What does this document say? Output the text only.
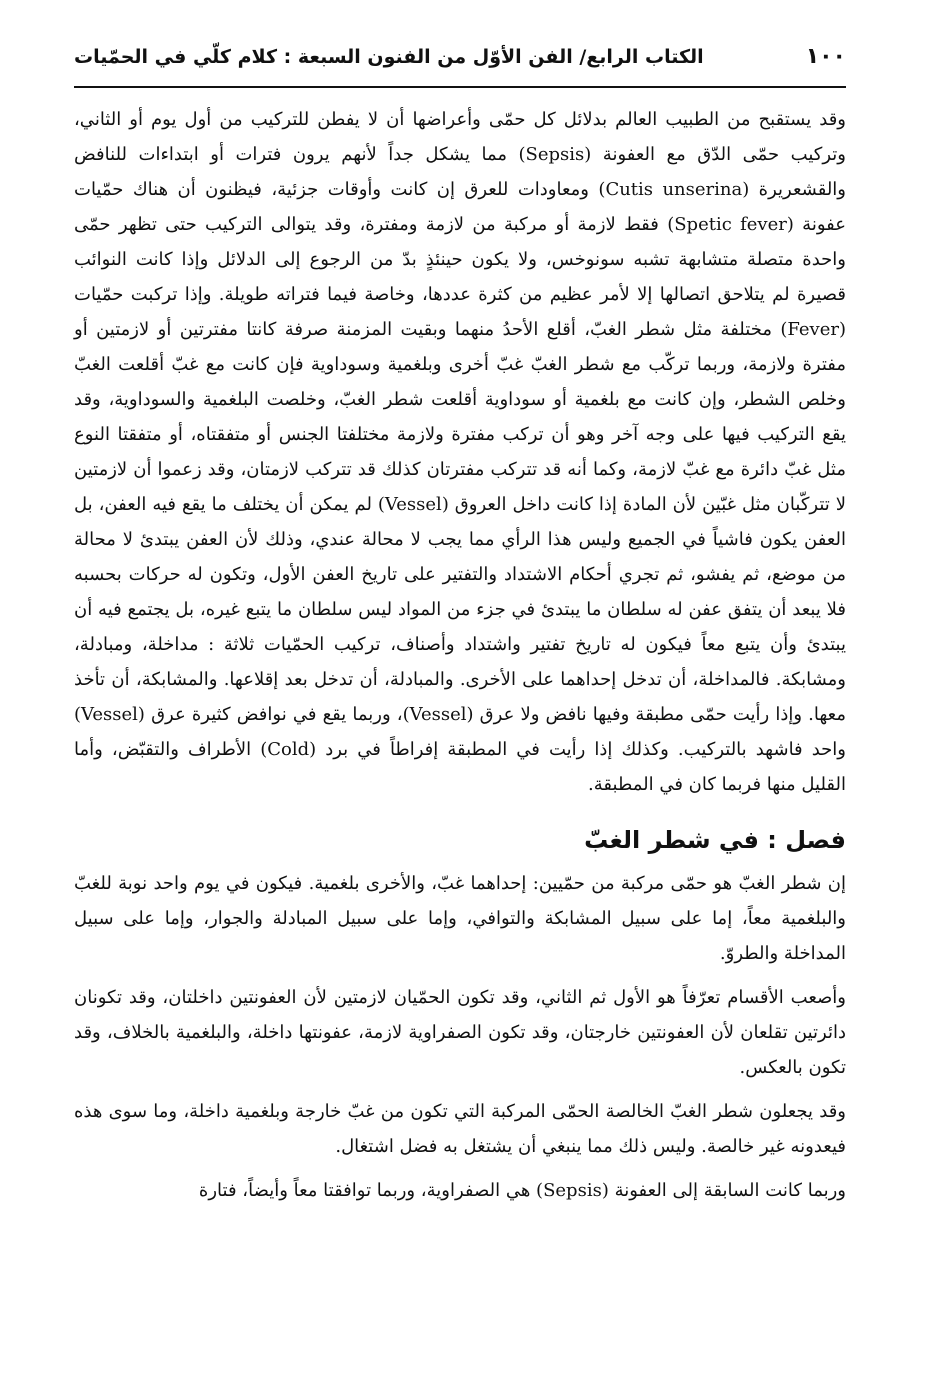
١٠٠
الكتاب الرابع/ الفن الأوّل من الفنون السبعة : كلام كلّي في الحمّيات

وقد يستقبح من الطبيب العالم بدلائل كل حمّى وأعراضها أن لا يفطن للتركيب من أول يوم أو الثاني، وتركيب حمّى الدّق مع العفونة (Sepsis) مما يشكل جداً لأنهم يرون فترات أو ابتداءات للنافض والقشعريرة (Cutis unserina) ومعاودات للعرق إن كانت وأوقات جزئية، فيظنون أن هناك حمّيات عفونة (Spetic fever) فقط لازمة أو مركبة من لازمة ومفترة، وقد يتوالى التركيب حتى تظهر حمّى واحدة متصلة متشابهة تشبه سونوخس، ولا يكون حينئذٍ بدّ من الرجوع إلى الدلائل وإذا كانت النوائب قصيرة لم يتلاحق اتصالها إلا لأمر عظيم من كثرة عددها، وخاصة فيما فتراته طويلة. وإذا تركبت حمّيات (Fever) مختلفة مثل شطر الغبّ، أقلع الأحدُ منهما وبقيت المزمنة صرفة كانتا مفترتين أو لازمتين أو مفترة ولازمة، وربما تركّب مع شطر الغبّ غبّ أخرى وبلغمية وسوداوية فإن كانت مع غبّ أقلعت الغبّ وخلص الشطر، وإن كانت مع بلغمية أو سوداوية أقلعت شطر الغبّ، وخلصت البلغمية والسوداوية، وقد يقع التركيب فيها على وجه آخر وهو أن تركب مفترة ولازمة مختلفتا الجنس أو متفقتاه، أو متفقتا النوع مثل غبّ دائرة مع غبّ لازمة، وكما أنه قد تتركب مفترتان كذلك قد تتركب لازمتان، وقد زعموا أن لازمتين لا تتركّبان مثل غبّين لأن المادة إذا كانت داخل العروق (Vessel) لم يمكن أن يختلف ما يقع فيه العفن، بل العفن يكون فاشياً في الجميع وليس هذا الرأي مما يجب لا محالة عندي، وذلك لأن العفن يبتدئ لا محالة من موضع، ثم يفشو، ثم تجري أحكام الاشتداد والتفتير على تاريخ العفن الأول، وتكون له حركات بحسبه فلا يبعد أن يتفق عفن له سلطان ما يبتدئ في جزء من المواد ليس سلطان ما يتبع غيره، بل يجتمع فيه أن يبتدئ وأن يتبع معاً فيكون له تاريخ تفتير واشتداد وأصناف، تركيب الحمّيات ثلاثة : مداخلة، ومبادلة، ومشابكة. فالمداخلة، أن تدخل إحداهما على الأخرى. والمبادلة، أن تدخل بعد إقلاعها. والمشابكة، أن تأخذ معها. وإذا رأيت حمّى مطبقة وفيها نافض ولا عرق (Vessel)، وربما يقع في نوافض كثيرة عرق (Vessel) واحد فاشهد بالتركيب. وكذلك إذا رأيت في المطبقة إفراطاً في برد (Cold) الأطراف والتقبّض، وأما القليل منها فربما كان في المطبقة.

فصل : في شطر الغبّ

إن شطر الغبّ هو حمّى مركبة من حمّيين: إحداهما غبّ، والأخرى بلغمية. فيكون في يوم واحد نوبة للغبّ والبلغمية معاً، إما على سبيل المشابكة والتوافي، وإما على سبيل المبادلة والجوار، وإما على سبيل المداخلة والطروّ.

وأصعب الأقسام تعرّفاً هو الأول ثم الثاني، وقد تكون الحمّيان لازمتين لأن العفونتين داخلتان، وقد تكونان دائرتين تقلعان لأن العفونتين خارجتان، وقد تكون الصفراوية لازمة، عفونتها داخلة، والبلغمية بالخلاف، وقد تكون بالعكس.

وقد يجعلون شطر الغبّ الخالصة الحمّى المركبة التي تكون من غبّ خارجة وبلغمية داخلة، وما سوى هذه فيعدونه غير خالصة. وليس ذلك مما ينبغي أن يشتغل به فضل اشتغال.

وربما كانت السابقة إلى العفونة (Sepsis) هي الصفراوية، وربما توافقتا معاً وأيضاً، فتارة
